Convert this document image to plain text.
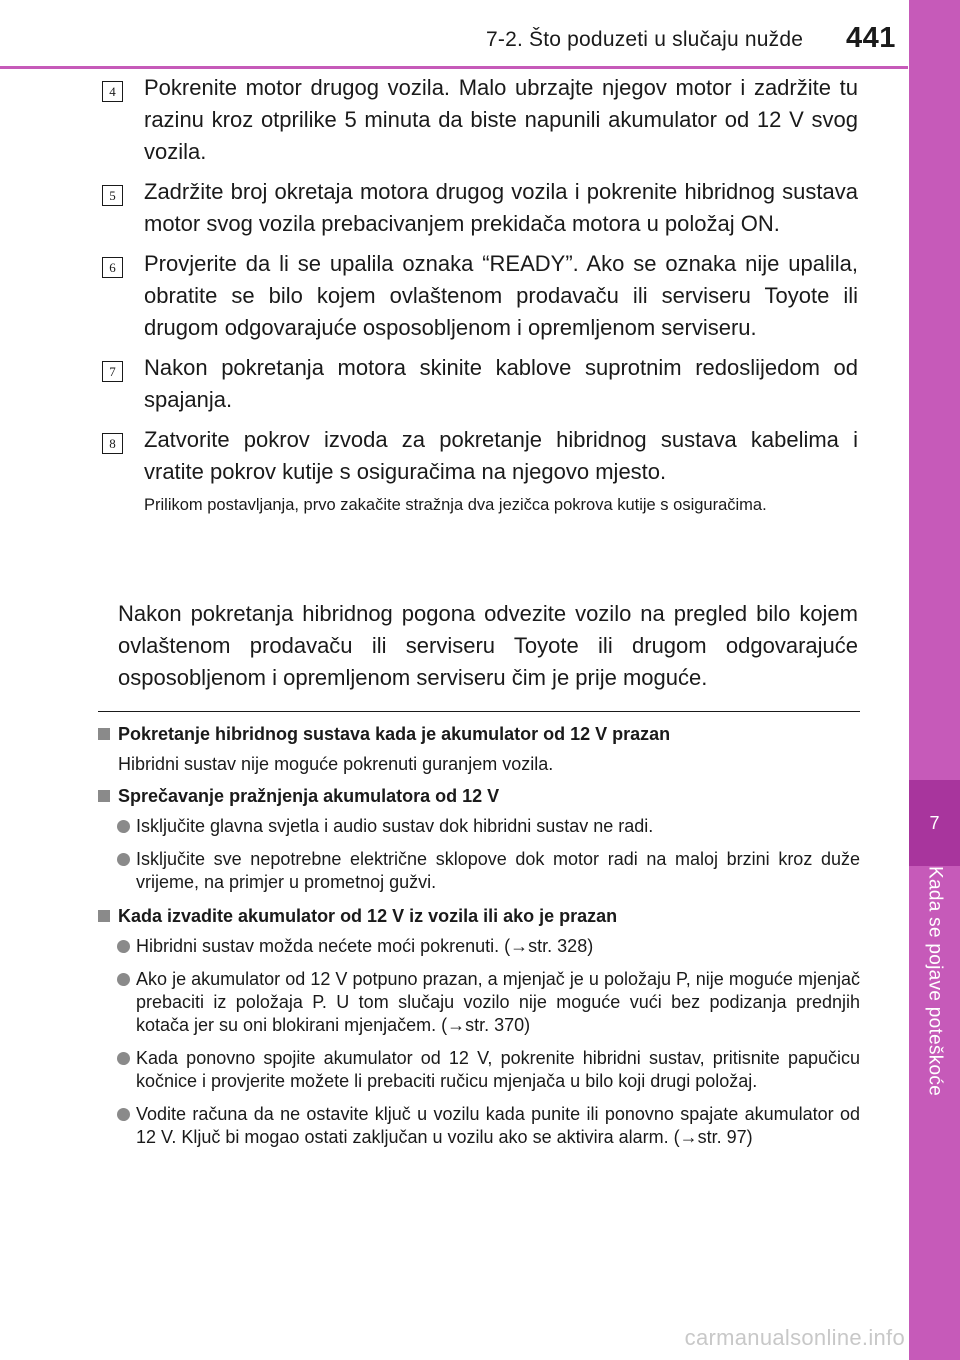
7-2. Što poduzeti u slučaju nužde	441
7
Kada se pojave poteškoće
4	Pokrenite motor drugog vozila. Malo ubrzajte njegov motor i zadržite tu razinu kroz otprilike 5 minuta da biste napunili akumulator od 12 V svog vozila.
5	Zadržite broj okretaja motora drugog vozila i pokrenite hibridnog sustava motor svog vozila prebacivanjem prekidača motora u položaj ON.
6	Provjerite da li se upalila oznaka “READY”. Ako se oznaka nije upalila, obratite se bilo kojem ovlaštenom prodavaču ili serviseru Toyote ili drugom odgovarajuće osposobljenom i opremljenom serviseru.
7	Nakon pokretanja motora skinite kablove suprotnim redoslijedom od spajanja.
8	Zatvorite pokrov izvoda za pokretanje hibridnog sustava kabelima i vratite pokrov kutije s osiguračima na njegovo mjesto.
Prilikom postavljanja, prvo zakačite stražnja dva jezičca pokrova kutije s osiguračima.
Nakon pokretanja hibridnog pogona odvezite vozilo na pregled bilo kojem ovlaštenom prodavaču ili serviseru Toyote ili drugom odgovarajuće osposobljenom i opremljenom serviseru čim je prije moguće.
Pokretanje hibridnog sustava kada je akumulator od 12 V prazan
Hibridni sustav nije moguće pokrenuti guranjem vozila.
Sprečavanje pražnjenja akumulatora od 12 V
Isključite glavna svjetla i audio sustav dok hibridni sustav ne radi.
Isključite sve nepotrebne električne sklopove dok motor radi na maloj brzini kroz duže vrijeme, na primjer u prometnoj gužvi.
Kada izvadite akumulator od 12 V iz vozila ili ako je prazan
Hibridni sustav možda nećete moći pokrenuti. (→str. 328)
Ako je akumulator od 12 V potpuno prazan, a mjenjač je u položaju P, nije moguće mjenjač prebaciti iz položaja P. U tom slučaju vozilo nije moguće vući bez podizanja prednjih kotača jer su oni blokirani mjenjačem. (→str. 370)
Kada ponovno spojite akumulator od 12 V, pokrenite hibridni sustav, pritisnite papučicu kočnice i provjerite možete li prebaciti ručicu mjenjača u bilo koji drugi položaj.
Vodite računa da ne ostavite ključ u vozilu kada punite ili ponovno spajate akumulator od 12 V. Ključ bi mogao ostati zaključan u vozilu ako se aktivira alarm. (→str. 97)
carmanualsonline.info
